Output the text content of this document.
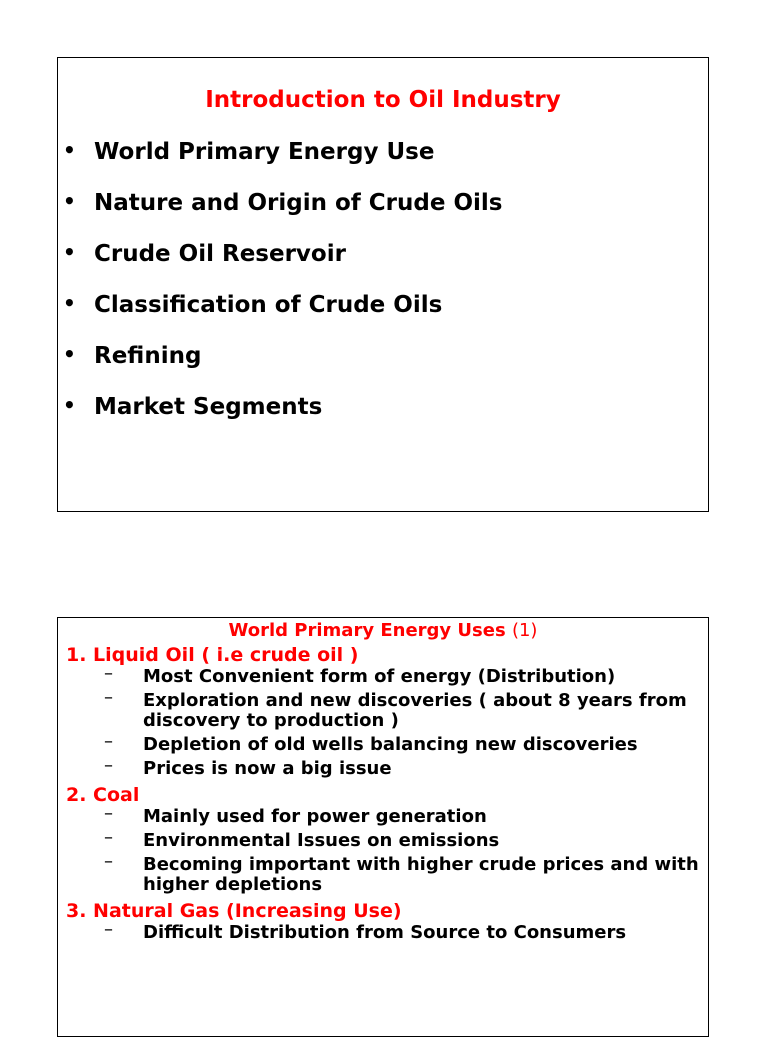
Introduction to Oil Industry
• World Primary Energy Use
• Nature and Origin of Crude Oils
• Crude Oil Reservoir
• Classification of Crude Oils
• Refining
• Market Segments
World Primary Energy Uses (1)
1. Liquid Oil ( i.e crude oil )
– Most Convenient form of energy (Distribution)
– Exploration and new discoveries ( about 8 years from discovery to production )
– Depletion of old wells balancing new discoveries
– Prices is now a big issue
2. Coal
– Mainly used for power generation
– Environmental Issues on emissions
– Becoming important with higher crude prices and with higher depletions
3. Natural Gas (Increasing Use)
– Difficult Distribution from Source to Consumers
